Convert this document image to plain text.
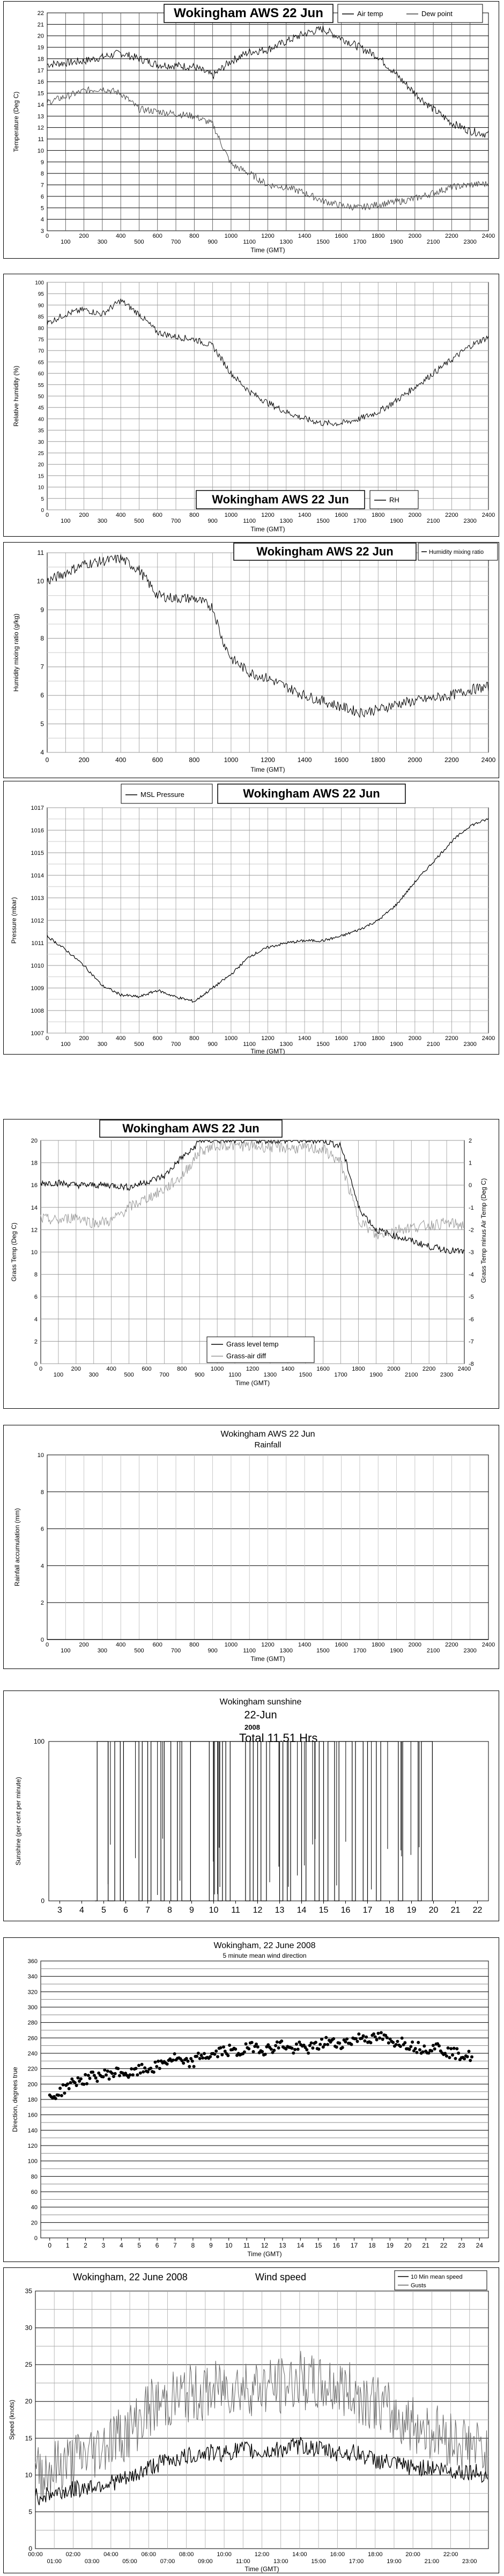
3
4
5
6
7
8
9
10
11
12
13
14
15
16
17
18
19
20
21
22
100
200
300
400
500
600
700
800
900
1000
1100
1200
1300
1400
1500
1600
1700
1800
1900
2000
2100
2200
2300
2400
0
Time (GMT)
Temperature (Deg C)
Wokingham AWS 22 Jun	Air temp	Dew point
0
5
10
15
20
25
30
35
40
45
50
55
60
65
70
75
80
85
90
95
100
100
200
300
400
500
600
700
800
900
1000
1100
1200
1300
1400
1500
1600
1700
1800
1900
2000
2100
2200
2300
2400
0
Time (GMT)
Relative humidity (%)
Wokingham AWS 22 Jun	RH
4
5
6
7
8
9
10
11
0	200	400	600	800	1000	1200	1400	1600	1800	2000	2200	2400
Time (GMT)
Humidity mixing ratio (g/kg)
Wokingham AWS 22 Jun	Humidity mixing ratio
1007
1008
1009
1010
1011
1012
1013
1014
1015
1016
1017
100
200
300
400
500
600
700
800
900
1000
1100
1200
1300
1400
1500
1600
1700
1800
1900
2000
2100
2200
2300
2400
0
Time (GMT)
Pressure (mbar)
MSL Pressure	Wokingham AWS 22 Jun
0
2
4
6
8
10
12
14
16
18
20
-8
-7
-6
-5
-4
-3
-2
-1
0
1
2
100
200
300
400
500
600
700
800
900
1000
1100
1200
1300
1400
1500
1600
1700
1800
1900
2000
2100
2200
2300
2400
0
Time (GMT)
Grass Temp (Deg C)	Grass Temp minus Air Temp (Deg C)
Wokingham AWS 22 Jun
Grass level temp
Grass-air diff
0
2
4
6
8
10
100
200
300
400
500
600
700
800
900
1000
1100
1200
1300
1400
1500
1600
1700
1800
1900
2000
2100
2200
2300
2400
0
Time (GMT)
Rainfall accumulation (mm)
Wokingham AWS 22 Jun
Rainfall
100
0
3 4 5 6 7 8 9 10 11 12 13 14 15 16 17 18 19 20 21 22
Sunshine (per cent per minute)
Wokingham sunshine
22-Jun
2008
Total 11.51 Hrs
0
20
40
60
80
100
120
140
160
180
200
220
240
260
280
300
320
340
360
0 1 2 3 4 5 6 7 8 9 10 11 12 13 14 15 16 17 18 19 20 21 22 23 24
Time (GMT)
Direction, degrees true
Wokingham, 22 June 2008
5 minute mean wind direction
0
5
10
15
20
25
30
35
00:00	02:00	04:00	06:00	08:00	10:00	12:00	14:00	16:00	18:00	20:00	22:00
01:00	03:00	05:00	07:00	09:00	11:00	13:00	15:00	17:00	19:00	21:00	23:00
Time (GMT)
Speed (knots)
Wokingham, 22 June 2008	Wind speed	10 Min mean speed
Gusts
